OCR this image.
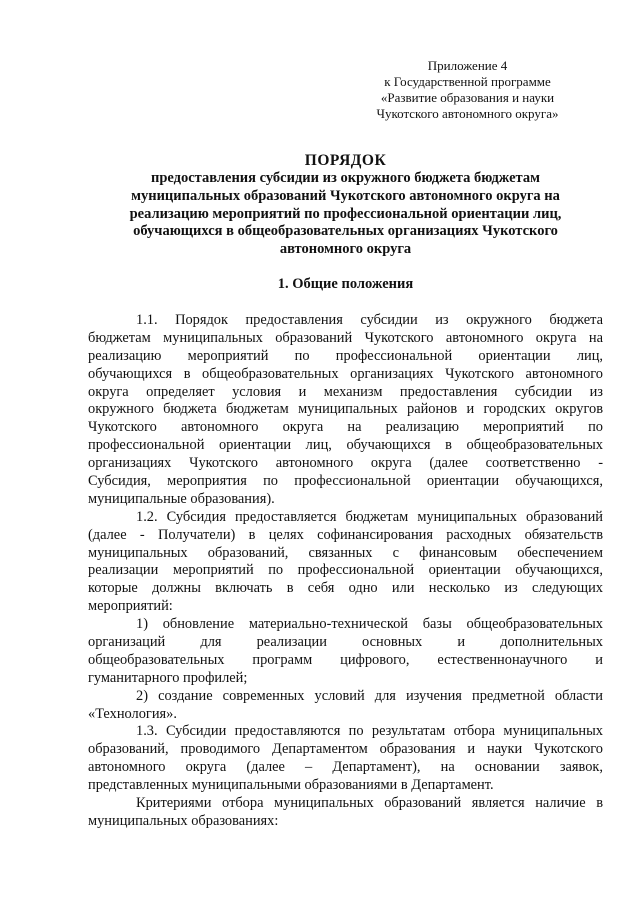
Приложение 4
к Государственной программе
«Развитие образования и науки
Чукотского автономного округа»
ПОРЯДОК
предоставления субсидии из окружного бюджета бюджетам
муниципальных образований Чукотского автономного округа на
реализацию мероприятий по профессиональной ориентации лиц,
обучающихся в общеобразовательных организациях Чукотского
автономного округа
1. Общие положения
1.1. Порядок предоставления субсидии из окружного бюджета
бюджетам муниципальных образований Чукотского автономного округа на
реализацию мероприятий по профессиональной ориентации лиц,
обучающихся в общеобразовательных организациях Чукотского автономного
округа определяет условия и механизм предоставления субсидии из
окружного бюджета бюджетам муниципальных районов и городских округов
Чукотского автономного округа на реализацию мероприятий по
профессиональной ориентации лиц, обучающихся в общеобразовательных
организациях Чукотского автономного округа (далее соответственно -
Субсидия, мероприятия по профессиональной ориентации обучающихся,
муниципальные образования).
1.2. Субсидия предоставляется бюджетам муниципальных образований
(далее - Получатели) в целях софинансирования расходных обязательств
муниципальных образований, связанных с финансовым обеспечением
реализации мероприятий по профессиональной ориентации обучающихся,
которые должны включать в себя одно или несколько из следующих
мероприятий:
1) обновление материально-технической базы общеобразовательных
организаций для реализации основных и дополнительных
общеобразовательных программ цифрового, естественнонаучного и
гуманитарного профилей;
2) создание современных условий для изучения предметной области
«Технология».
1.3. Субсидии предоставляются по результатам отбора муниципальных
образований, проводимого Департаментом образования и науки Чукотского
автономного округа (далее – Департамент), на основании заявок,
представленных муниципальными образованиями в Департамент.
Критериями отбора муниципальных образований является наличие в
муниципальных образованиях:
